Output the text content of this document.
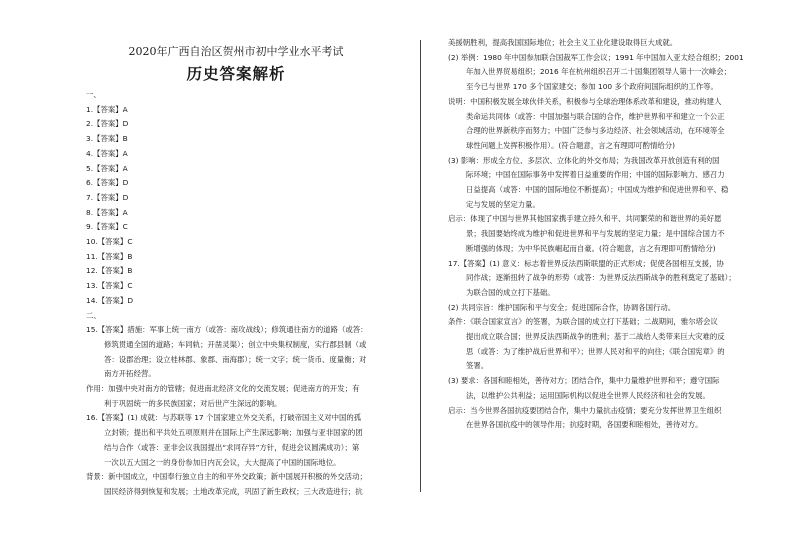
2020年广西自治区贺州市初中学业水平考试
历史答案解析
一、
1.【答案】A
2.【答案】D
3.【答案】B
4.【答案】A
5.【答案】A
6.【答案】D
7.【答案】D
8.【答案】A
9.【答案】C
10.【答案】C
11.【答案】B
12.【答案】B
13.【答案】C
14.【答案】D
二、
15.【答案】措施：军事上统一南方（或答：南攻战线）；修筑通往南方的道路（或答：
修筑贯通全国的道路；车同轨；开凿灵渠）；创立中央集权制度，实行郡县制（或
答：设郡治理；设立桂林郡、象郡、南海郡）；统一文字；统一货币、度量衡；对
南方开拓经营。
作用：加强中央对南方的管辖；促进南北经济文化的交流发展；促进南方的开发；有
利于巩固统一的多民族国家；对后世产生深远的影响。
16.【答案】(1) 成就：与苏联等 17 个国家建立外交关系，打破帝国主义对中国的孤
立封锁；提出和平共处五项原则并在国际上产生深远影响；加强与亚非国家的团
结与合作（或答：亚非会议我国提出“求同存异”方针，促进会议圆满成功）；第
一次以五大国之一的身份参加日内瓦会议，大大提高了中国的国际地位。
背景：新中国成立，中国奉行独立自主的和平外交政策；新中国展开积极的外交活动；
国民经济得到恢复和发展；土地改革完成，巩固了新生政权；三大改造进行；抗
美援朝胜利，提高我国国际地位；社会主义工业化建设取得巨大成就。
(2) 举例：1980 年中国参加联合国裁军工作会议；1991 年中国加入亚太经合组织；2001
年加入世界贸易组织；2016 年在杭州组织召开二十国集团领导人第十一次峰会；
至今已与世界 170 多个国家建交；参加 100 多个政府间国际组织的工作等。
说明：中国积极发展全球伙伴关系，积极参与全球治理体系改革和建设，推动构建人
类命运共同体（或答：中国加强与联合国的合作，维护世界和平和建立一个公正
合理的世界新秩序而努力；中国广泛参与多边经济、社会领域活动，在环境等全
球性问题上发挥积极作用）。(符合题意，言之有理即可酌情给分)
(3) 影响：形成全方位、多层次、立体化的外交布局；为我国改革开放创造有利的国
际环境；中国在国际事务中发挥着日益重要的作用；中国的国际影响力、感召力
日益提高（或答：中国的国际地位不断提高）；中国成为维护和促进世界和平、稳
定与发展的坚定力量。
启示：体现了中国与世界其他国家携手建立持久和平、共同繁荣的和谐世界的美好愿
景；我国要始终成为维护和促进世界和平与发展的坚定力量；是中国综合国力不
断增强的体现；为中华民族崛起而自豪。(符合题意，言之有理即可酌情给分)
17.【答案】(1) 意义：标志着世界反法西斯联盟的正式形成；促使各国相互支援，协
同作战；逐渐扭转了战争的形势（或答：为世界反法西斯战争的胜利奠定了基础）；
为联合国的成立打下基础。
(2) 共同宗旨：维护国际和平与安全；促进国际合作，协调各国行动。
条件：《联合国家宣言》的签署，为联合国的成立打下基础；二战期间，雅尔塔会议
提出成立联合国；世界反法西斯战争的胜利；基于二战给人类带来巨大灾难的反
思（或答：为了维护战后世界和平）；世界人民对和平的向往；《联合国宪章》的
签署。
(3) 要求：各国和睦相处，善待对方；团结合作，集中力量维护世界和平；遵守国际
法，以维护公共利益；运用国际机构以促进全世界人民经济和社会的发展。
启示：当今世界各国抗疫要团结合作，集中力量抗击疫情；要充分发挥世界卫生组织
在世界各国抗疫中的领导作用；抗疫时期，各国要和睦相处，善待对方。
